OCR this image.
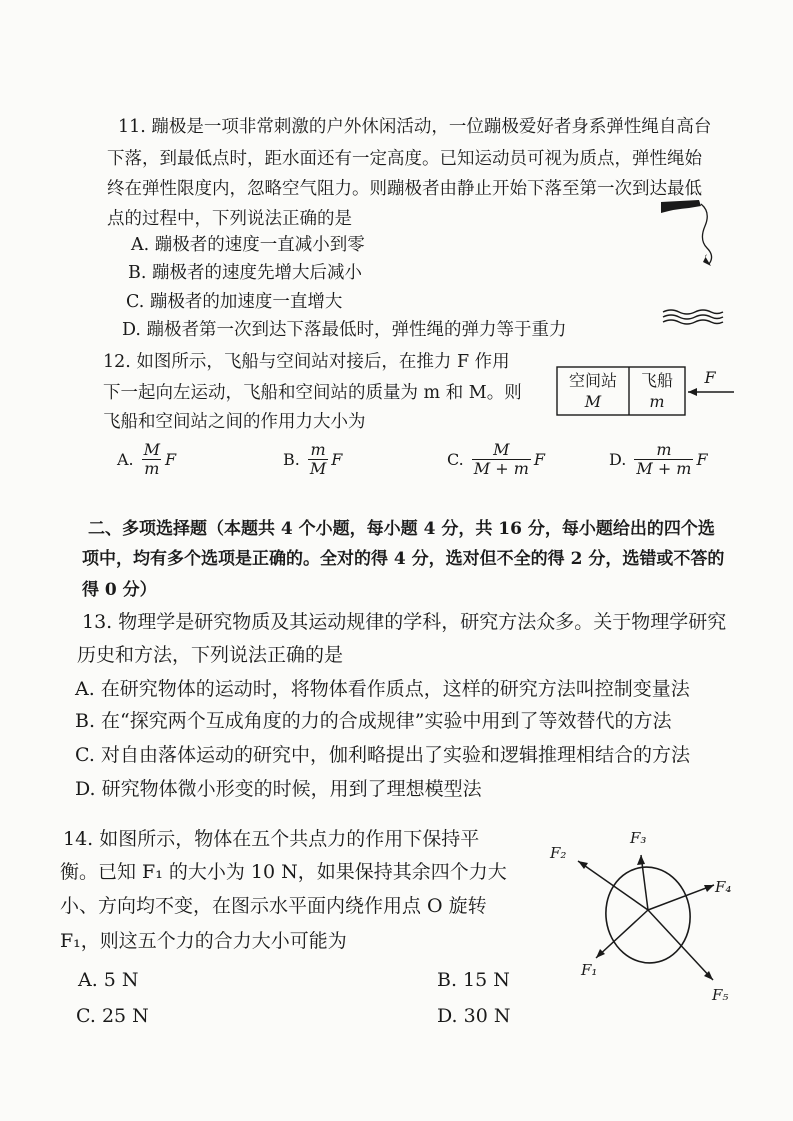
11. 蹦极是一项非常刺激的户外休闲活动，一位蹦极爱好者身系弹性绳自高台
下落，到最低点时，距水面还有一定高度。已知运动员可视为质点，弹性绳始
终在弹性限度内，忽略空气阻力。则蹦极者由静止开始下落至第一次到达最低
点的过程中，下列说法正确的是
A. 蹦极者的速度一直减小到零
B. 蹦极者的速度先增大后减小
C. 蹦极者的加速度一直增大
D. 蹦极者第一次到达下落最低时，弹性绳的弹力等于重力
12. 如图所示，飞船与空间站对接后，在推力 F 作用
下一起向左运动，飞船和空间站的质量为 m 和 M。则
飞船和空间站之间的作用力大小为
空间站
M
飞船
m
F
A. $\frac{M}{m}$ F	B. $\frac{m}{M}$ F	C. $\frac{M}{M + m}$ F	D. $\frac{m}{M + m}$ F
二、多项选择题（本题共 4 个小题，每小题 4 分，共 16 分，每小题给出的四个选
项中，均有多个选项是正确的。全对的得 4 分，选对但不全的得 2 分，选错或不答的
得 0 分）
13. 物理学是研究物质及其运动规律的学科，研究方法众多。关于物理学研究
历史和方法，下列说法正确的是
A. 在研究物体的运动时，将物体看作质点，这样的研究方法叫控制变量法
B. 在“探究两个互成角度的力的合成规律”实验中用到了等效替代的方法
C. 对自由落体运动的研究中，伽利略提出了实验和逻辑推理相结合的方法
D. 研究物体微小形变的时候，用到了理想模型法
14. 如图所示，物体在五个共点力的作用下保持平
衡。已知 F₁ 的大小为 10 N，如果保持其余四个力大
小、方向均不变，在图示水平面内绕作用点 O 旋转
F₁，则这五个力的合力大小可能为
A. 5 N	B. 15 N
C. 25 N	D. 30 N
F₁
F₂
F₃
F₄
F₅
